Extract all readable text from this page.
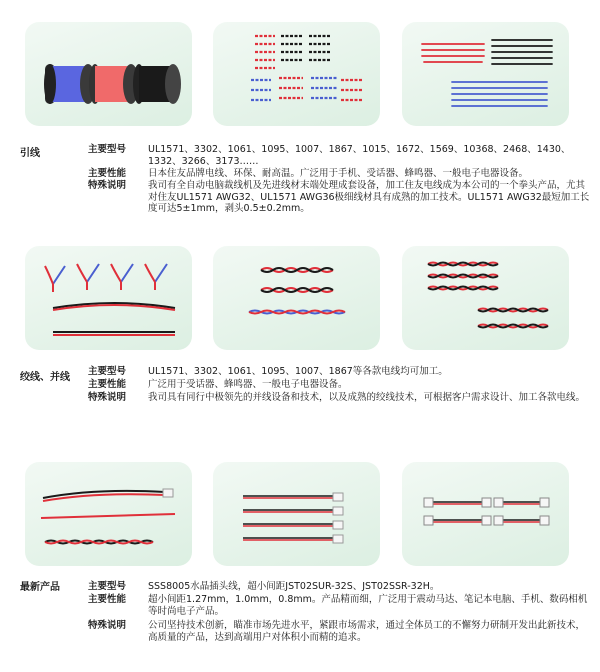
引线	主要型号	UL1571、3302、1061、1095、1007、1867、1015、1672、1569、10368、2468、1430、1332、3266、3173……
主要性能	日本住友品牌电线、环保、耐高温。广泛用于手机、受话器、蜂鸣器、一般电子电器设备。
特殊说明	我司有全自动电脑裁线机及先进线材末端处理成套设备，加工住友电线成为本公司的一个拳头产品，尤其对住友UL1571 AWG32、UL1571 AWG36极细线材具有成熟的加工技术。UL1571 AWG32最短加工长度可达5±1mm，剥头0.5±0.2mm。
绞线、并线
主要型号	UL1571、3302、1061、1095、1007、1867等各款电线均可加工。
主要性能	广泛用于受话器、蜂鸣器、一般电子电器设备。
特殊说明	我司具有同行中极领先的并线设备和技术，以及成熟的绞线技术，可根据客户需求设计、加工各款电线。
最新产品	主要型号	SSS8005水晶插头线，超小间距JST02SUR-32S、JST02SSR-32H。
主要性能	超小间距1.27mm，1.0mm，0.8mm。产品精而细，广泛用于震动马达、笔记本电脑、手机、数码相机等时尚电子产品。
特殊说明	公司坚持技术创新，瞄准市场先进水平，紧跟市场需求，通过全体员工的不懈努力研制开发出此新技术，高质量的产品，达到高端用户对体积小而精的追求。
